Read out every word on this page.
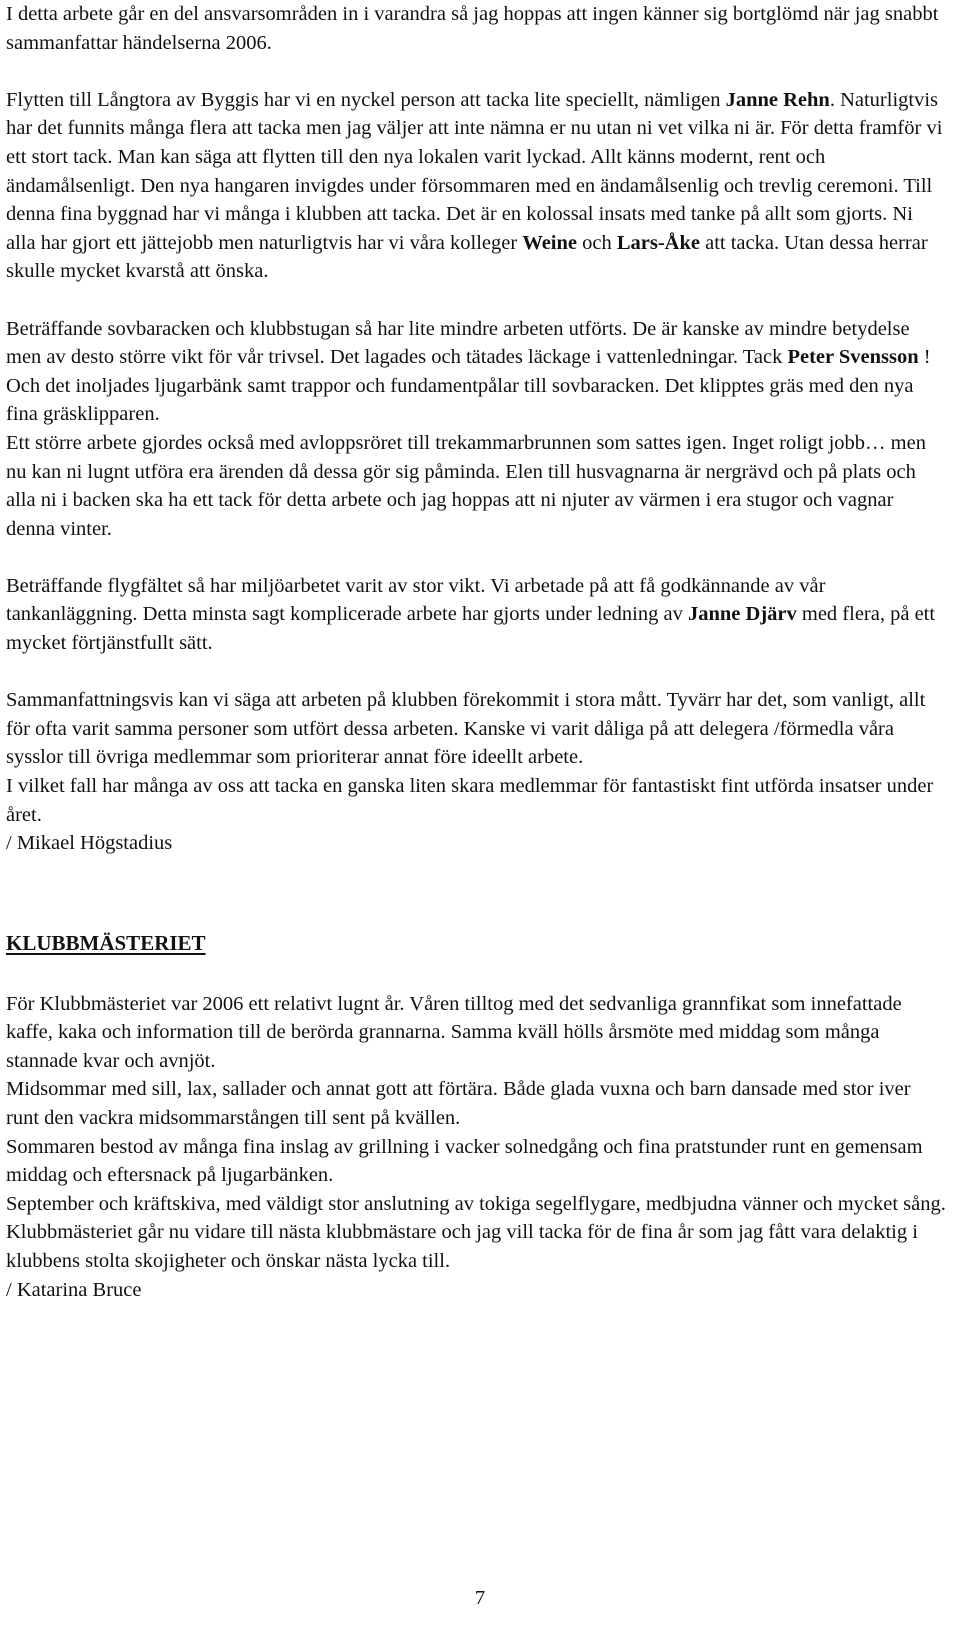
I detta arbete går en del ansvarsområden in i varandra så jag hoppas att ingen känner sig bortglömd när jag snabbt sammanfattar händelserna 2006.

Flytten till Långtora av Byggis har vi en nyckel person att tacka lite speciellt, nämligen Janne Rehn. Naturligtvis har det funnits många flera att tacka men jag väljer att inte nämna er nu utan ni vet vilka ni är. För detta framför vi ett stort tack. Man kan säga att flytten till den nya lokalen varit lyckad. Allt känns modernt, rent och ändamålsenligt. Den nya hangaren invigdes under försommaren med en ändamålsenlig och trevlig ceremoni. Till denna fina byggnad har vi många i klubben att tacka. Det är en kolossal insats med tanke på allt som gjorts. Ni alla har gjort ett jättejobb men naturligtvis har vi våra kolleger Weine och Lars-Åke att tacka. Utan dessa herrar skulle mycket kvarstå att önska.

Beträffande sovbaracken och klubbstugan så har lite mindre arbeten utförts. De är kanske av mindre betydelse men av desto större vikt för vår trivsel. Det lagades och tätades läckage i vattenledningar. Tack Peter Svensson ! Och det inoljades ljugarbänk samt trappor och fundamentpålar till sovbaracken. Det klipptes gräs med den nya fina gräsklipparen.

Ett större arbete gjordes också med avloppsröret till trekammarbrunnen som sattes igen. Inget roligt jobb… men nu kan ni lugnt utföra era ärenden då dessa gör sig påminda. Elen till husvagnarna är nergrävd och på plats och alla ni i backen ska ha ett tack för detta arbete och jag hoppas att ni njuter av värmen i era stugor och vagnar denna vinter.

Beträffande flygfältet så har miljöarbetet varit av stor vikt. Vi arbetade på att få godkännande av vår tankanläggning. Detta minsta sagt komplicerade arbete har gjorts under ledning av Janne Djärv med flera, på ett mycket förtjänstfullt sätt.

Sammanfattningsvis kan vi säga att arbeten på klubben förekommit i stora mått. Tyvärr har det, som vanligt, allt för ofta varit samma personer som utfört dessa arbeten. Kanske vi varit dåliga på att delegera /förmedla våra sysslor till övriga medlemmar som prioriterar annat före ideellt arbete.

I vilket fall har många av oss att tacka en ganska liten skara medlemmar för fantastiskt fint utförda insatser under året.

/ Mikael Högstadius

KLUBBMÄSTERIET

För Klubbmästeriet var 2006 ett relativt lugnt år. Våren tilltog med det sedvanliga grannfikat som innefattade kaffe, kaka och information till de berörda grannarna. Samma kväll hölls årsmöte med middag som många stannade kvar och avnjöt.

Midsommar med sill, lax, sallader och annat gott att förtära. Både glada vuxna och barn dansade med stor iver runt den vackra midsommarstången till sent på kvällen.

Sommaren bestod av många fina inslag av grillning i vacker solnedgång och fina pratstunder runt en gemensam middag och eftersnack på ljugarbänken.

September och kräftskiva, med väldigt stor anslutning av tokiga segelflygare, medbjudna vänner och mycket sång.

Klubbmästeriet går nu vidare till nästa klubbmästare och jag vill tacka för de fina år som jag fått vara delaktig i klubbens stolta skojigheter och önskar nästa lycka till.

/ Katarina Bruce

7
